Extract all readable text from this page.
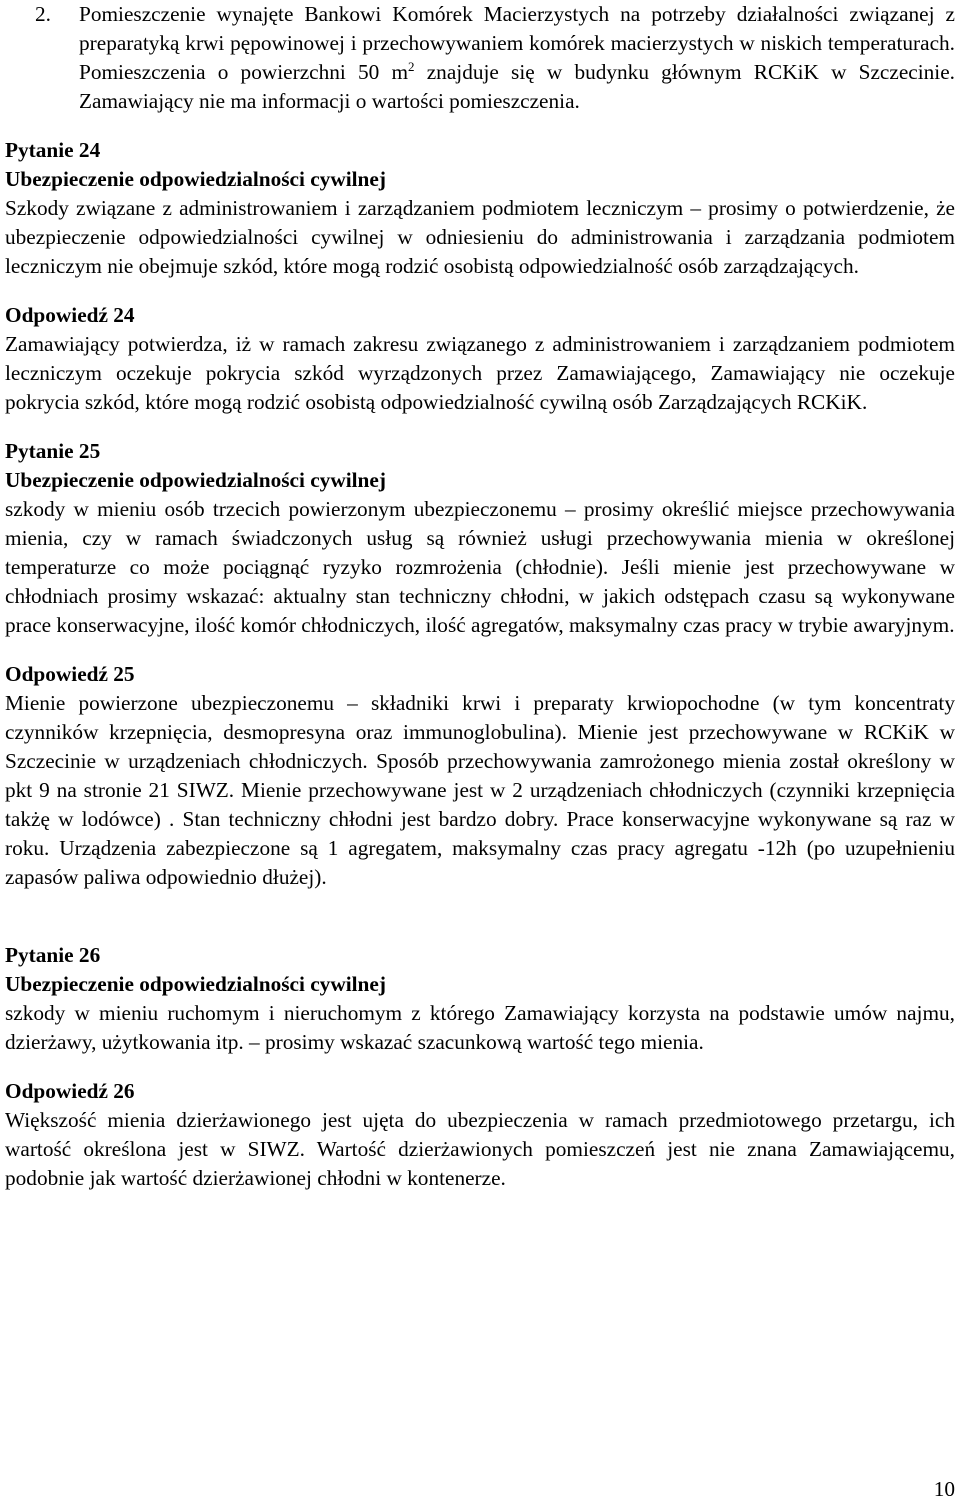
2.	Pomieszczenie wynajęte Bankowi Komórek Macierzystych na potrzeby działalności związanej z preparatyką krwi pępowinowej i przechowywaniem komórek macierzystych w niskich temperaturach. Pomieszczenia o powierzchni 50 $m^2$ znajduje się w budynku głównym RCKiK w Szczecinie. Zamawiający nie ma informacji o wartości pomieszczenia.

Pytanie 24

Ubezpieczenie odpowiedzialności cywilnej

Szkody związane z administrowaniem i zarządzaniem podmiotem leczniczym – prosimy o potwierdzenie, że ubezpieczenie odpowiedzialności cywilnej w odniesieniu do administrowania i zarządzania podmiotem leczniczym nie obejmuje szkód, które mogą rodzić osobistą odpowiedzialność osób zarządzających.

Odpowiedź 24

Zamawiający potwierdza, iż w ramach zakresu związanego z administrowaniem i zarządzaniem podmiotem leczniczym oczekuje pokrycia szkód wyrządzonych przez Zamawiającego, Zamawiający nie oczekuje pokrycia szkód, które mogą rodzić osobistą odpowiedzialność cywilną osób Zarządzających RCKiK.

Pytanie 25

Ubezpieczenie odpowiedzialności cywilnej

szkody w mieniu osób trzecich powierzonym ubezpieczonemu – prosimy określić miejsce przechowywania mienia, czy w ramach świadczonych usług są również usługi przechowywania mienia w określonej temperaturze co może pociągnąć ryzyko rozmrożenia (chłodnie). Jeśli mienie jest przechowywane w chłodniach prosimy wskazać: aktualny stan techniczny chłodni, w jakich odstępach czasu są wykonywane prace konserwacyjne, ilość komór chłodniczych, ilość agregatów, maksymalny czas pracy w trybie awaryjnym.

Odpowiedź 25

Mienie powierzone ubezpieczonemu – składniki krwi i preparaty krwiopochodne (w tym koncentraty czynników krzepnięcia, desmopresyna oraz immunoglobulina). Mienie jest przechowywane w RCKiK w Szczecinie w urządzeniach chłodniczych. Sposób przechowywania zamrożonego mienia został określony w pkt 9 na stronie 21 SIWZ. Mienie przechowywane jest w 2 urządzeniach chłodniczych (czynniki krzepnięcia takżę w lodówce) . Stan techniczny chłodni jest bardzo dobry. Prace konserwacyjne wykonywane są raz w roku. Urządzenia zabezpieczone są 1 agregatem, maksymalny czas pracy agregatu -12h (po uzupełnieniu zapasów paliwa odpowiednio dłużej).

Pytanie 26

Ubezpieczenie odpowiedzialności cywilnej

szkody w mieniu ruchomym i nieruchomym z którego Zamawiający korzysta na podstawie umów najmu, dzierżawy, użytkowania itp. – prosimy wskazać szacunkową wartość tego mienia.

Odpowiedź 26

Większość mienia dzierżawionego jest ujęta do ubezpieczenia w ramach przedmiotowego przetargu, ich wartość określona jest w SIWZ. Wartość dzierżawionych pomieszczeń jest nie znana Zamawiającemu, podobnie jak wartość dzierżawionej chłodni w kontenerze.

10
